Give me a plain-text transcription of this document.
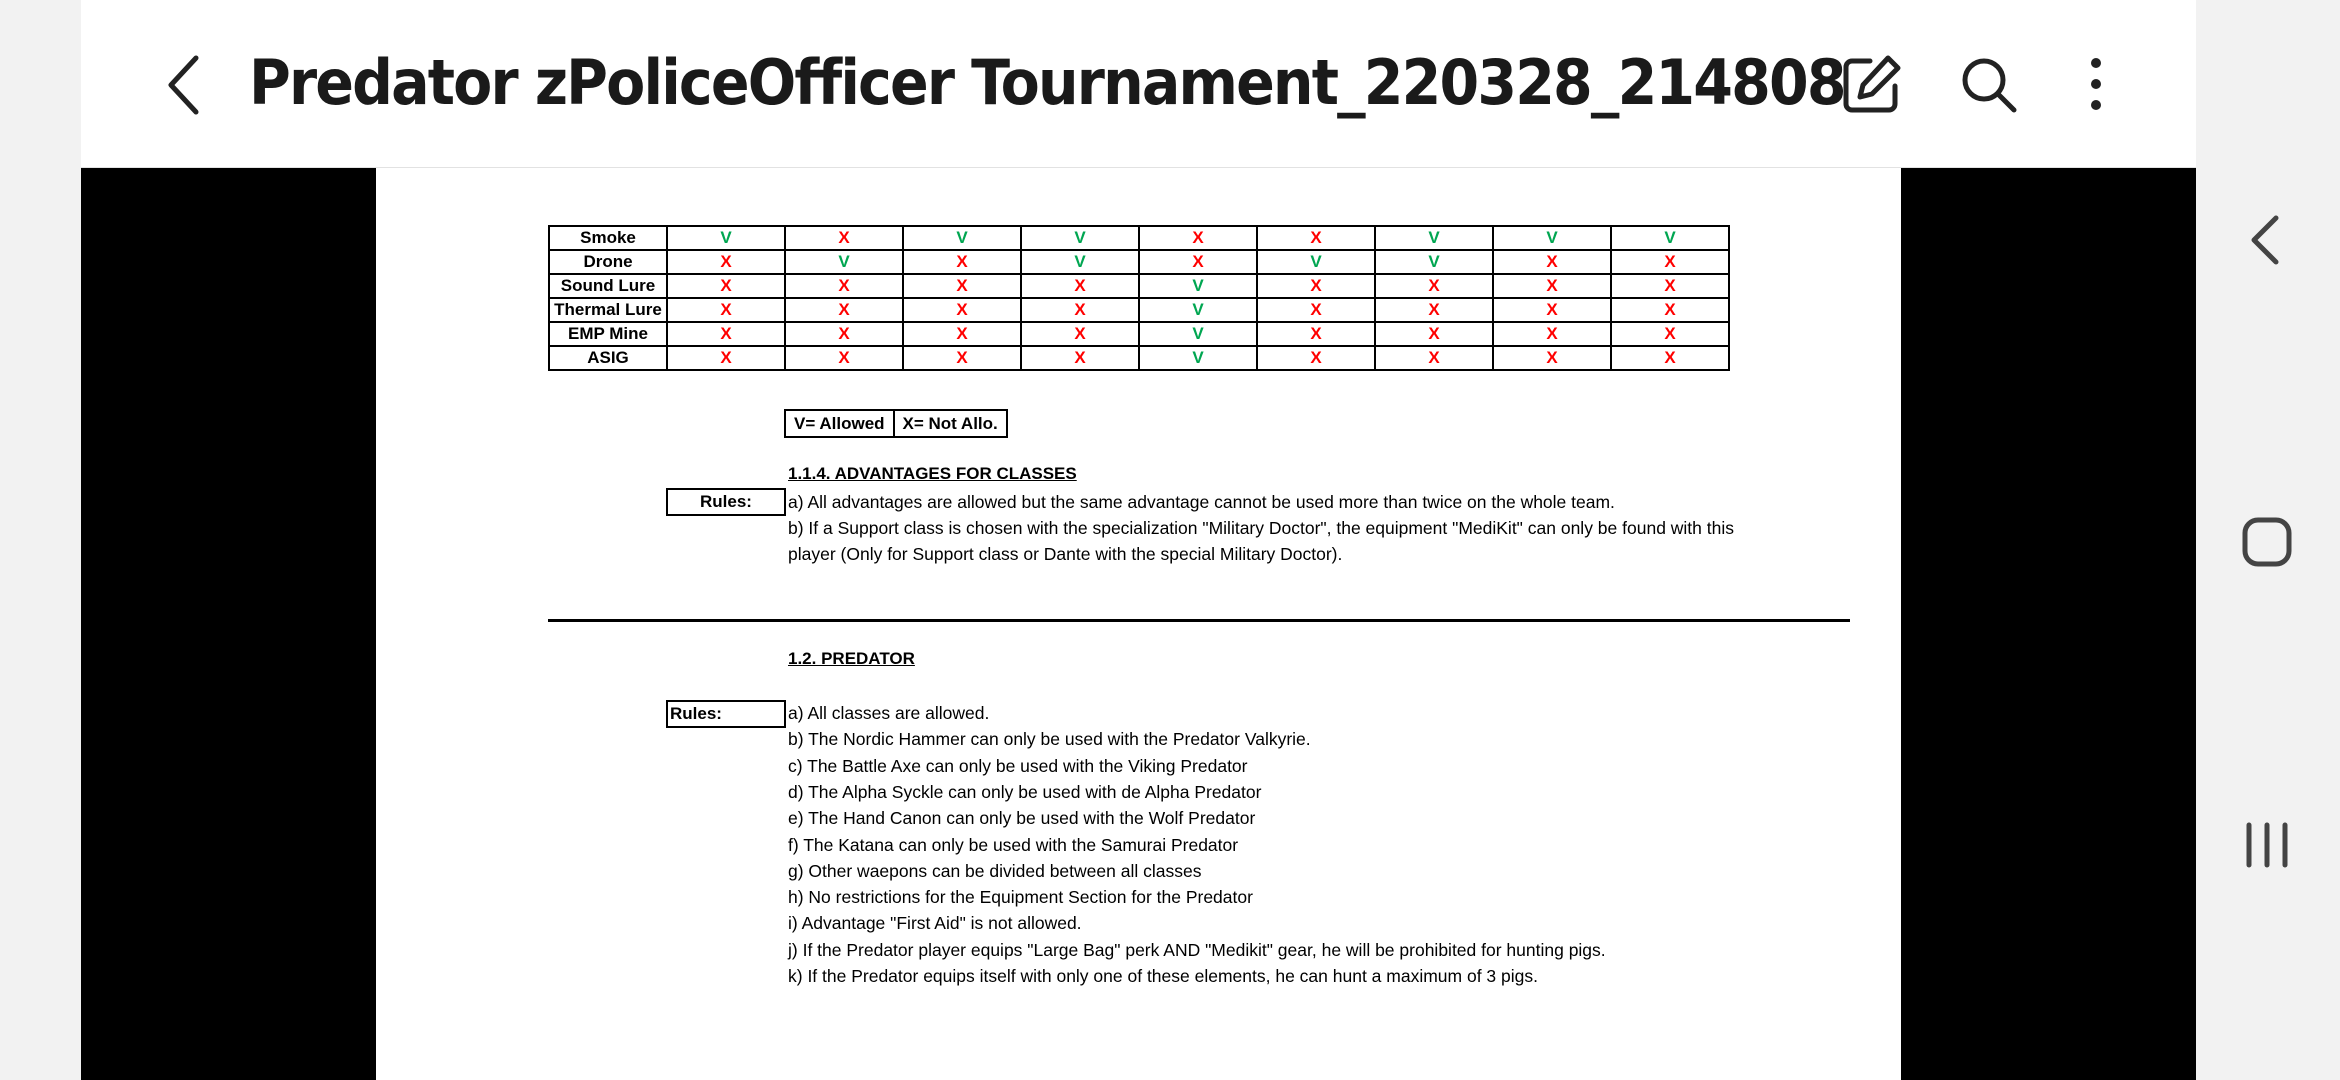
Predator zPoliceOfficer Tournament_220328_214808
Smoke	V	X	V	V	X	X	V	V	V
Drone	X	V	X	V	X	V	V	X	X
Sound Lure	X	X	X	X	V	X	X	X	X
Thermal Lure	X	X	X	X	V	X	X	X	X
EMP Mine	X	X	X	X	V	X	X	X	X
ASIG	X	X	X	X	V	X	X	X	X
V= Allowed	X= Not Allo.
1.1.4. ADVANTAGES FOR CLASSES
Rules:	a) All advantages are allowed but the same advantage cannot be used more than twice on the whole team.
b) If a Support class is chosen with the specialization "Military Doctor", the equipment "MediKit" can only be found with this
player (Only for Support class or Dante with the special Military Doctor).
1.2. PREDATOR
Rules:	a) All classes are allowed.
b) The Nordic Hammer can only be used with the Predator Valkyrie.
c) The Battle Axe can only be used with the Viking Predator
d) The Alpha Syckle can only be used with de Alpha Predator
e) The Hand Canon can only be used with the Wolf Predator
f) The Katana can only be used with the Samurai Predator
g) Other waepons can be divided between all classes
h) No restrictions for the Equipment Section for the Predator
i) Advantage "First Aid" is not allowed.
j) If the Predator player equips "Large Bag" perk AND "Medikit" gear, he will be prohibited for hunting pigs.
k) If the Predator equips itself with only one of these elements, he can hunt a maximum of 3 pigs.
